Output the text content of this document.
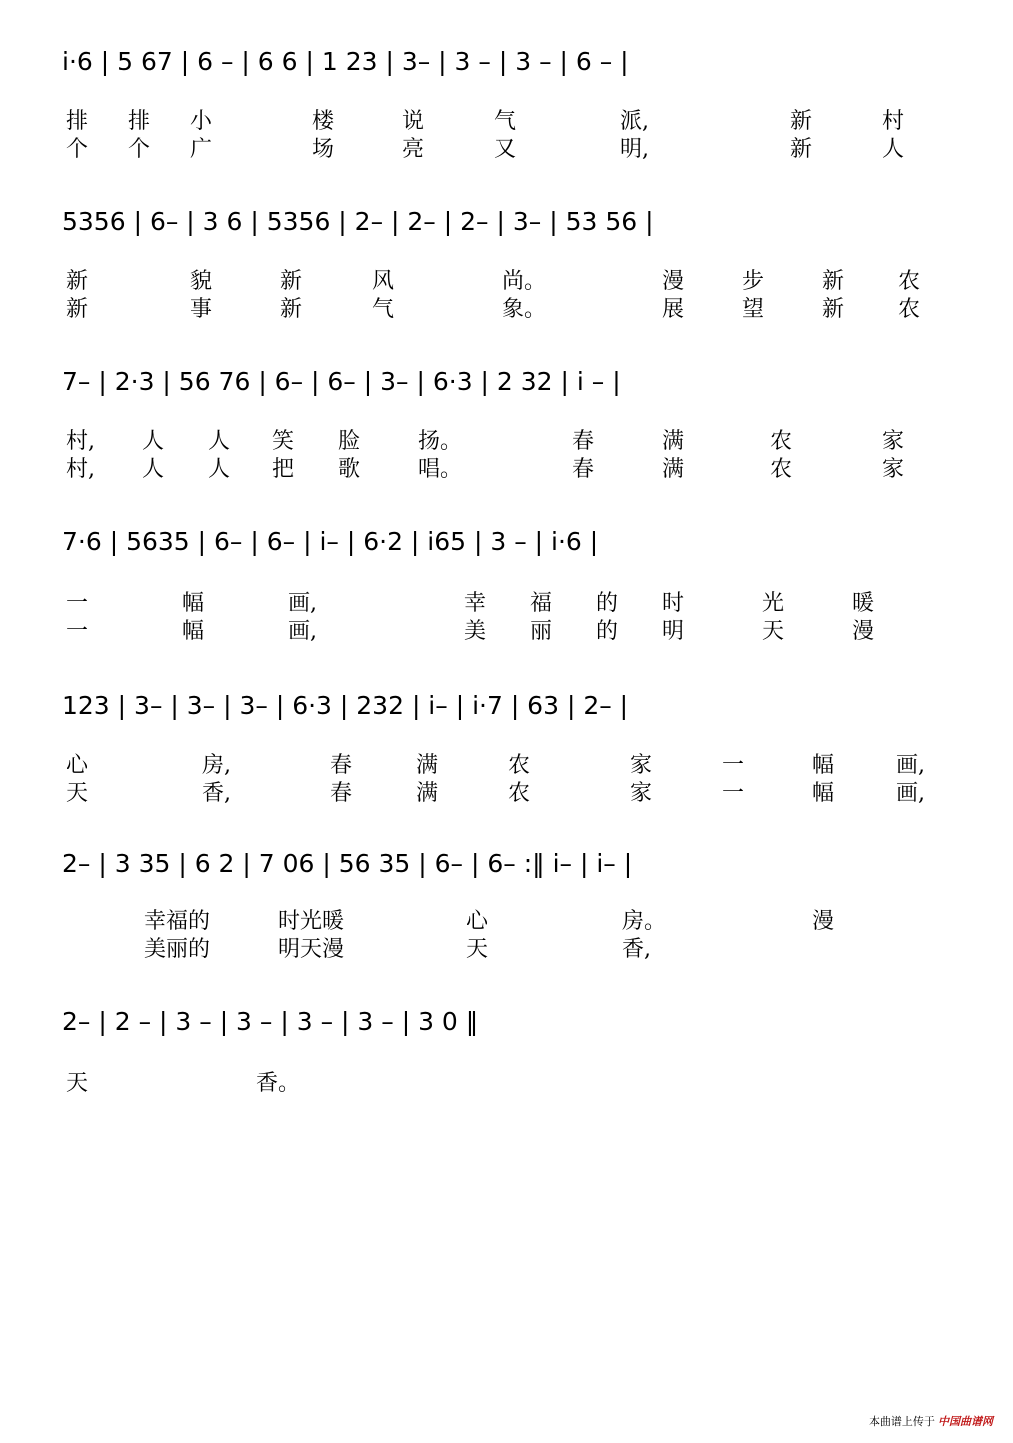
i·6 | 5 67 | 6 – | 6 6 | 1 23 | 3– | 3 – | 3 – | 6 – |
排 排 小	楼	说	气	派,	新	村
个 个 广	场	亮	又	明,	新	人
5356 | 6– | 3 6 | 5356 | 2– | 2– | 2– | 3– | 53 56 |
新	貌	新	风	尚。	漫	步	新 农
新	事	新	气	象。	展	望	新 农
7– | 2·3 | 56 76 | 6– | 6– | 3– | 6·3 | 2 32 | i – |
村, 人 人 笑 脸	扬。	春	满	农	家
村, 人 人 把 歌	唱。	春	满	农	家
7·6 | 5635 | 6– | 6– | i– | 6·2 | i65 | 3 – | i·6 |
一	幅	画,	幸 福 的 时	光	暖
一	幅	画,	美 丽 的 明	天	漫
123 | 3– | 3– | 3– | 6·3 | 232 | i– | i·7 | 63 | 2– |
心	房,	春	满	农	家	一	幅	画,
天	香,	春	满	农	家	一	幅	画,
2– | 3 35 | 6 2 | 7 06 | 56 35 | 6– | 6– :‖ i– | i– |
幸福的	时光暖	心	房。	漫
美丽的	明天漫	天	香,
2– | 2 – | 3 – | 3 – | 3 – | 3 – | 3 0 ‖
天	香。
本曲谱上传于 中国曲谱网
